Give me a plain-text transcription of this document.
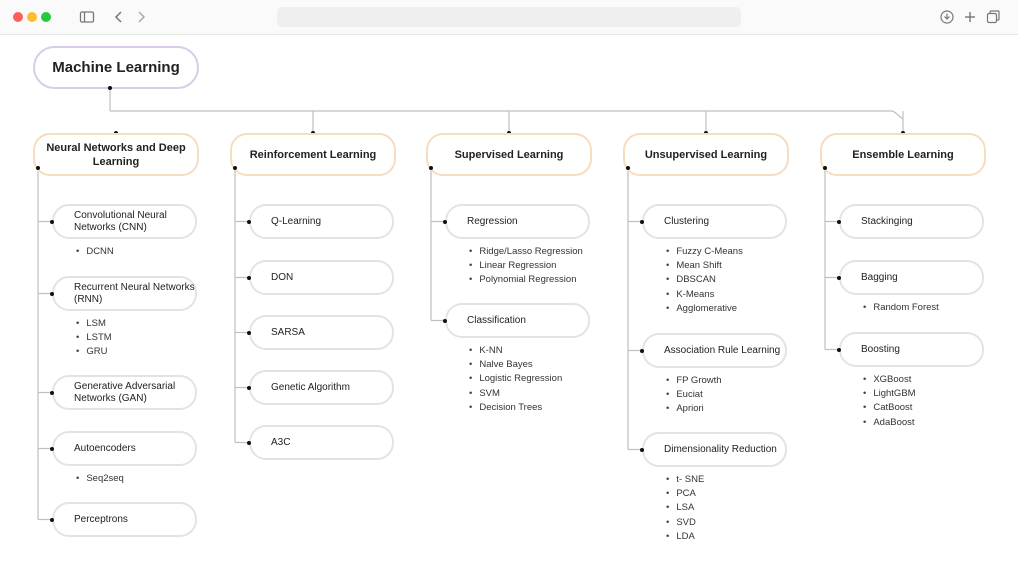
Machine Learning
Neural Networks and Deep Learning
Convolutional Neural Networks (CNN)
• DCNN
Recurrent Neural Networks (RNN)
• LSM
• LSTM
• GRU
Generative Adversarial Networks (GAN)
Autoencoders
• Seq2seq
Perceptrons
Reinforcement Learning
Q-Learning
DON
SARSA
Genetic Algorithm
A3C
Supervised Learning
Regression
• Ridge/Lasso Regression
• Linear Regression
• Polynomial Regression
Classification
• K-NN
• Nalve Bayes
• Logistic Regression
• SVM
• Decision Trees
Unsupervised Learning
Clustering
• Fuzzy C-Means
• Mean Shift
• DBSCAN
• K-Means
• Agglomerative
Association Rule Learning
• FP Growth
• Euciat
• Apriori
Dimensionality Reduction
• t- SNE
• PCA
• LSA
• SVD
• LDA
Ensemble Learning
Stackinging
Bagging
• Random Forest
Boosting
• XGBoost
• LightGBM
• CatBoost
• AdaBoost
